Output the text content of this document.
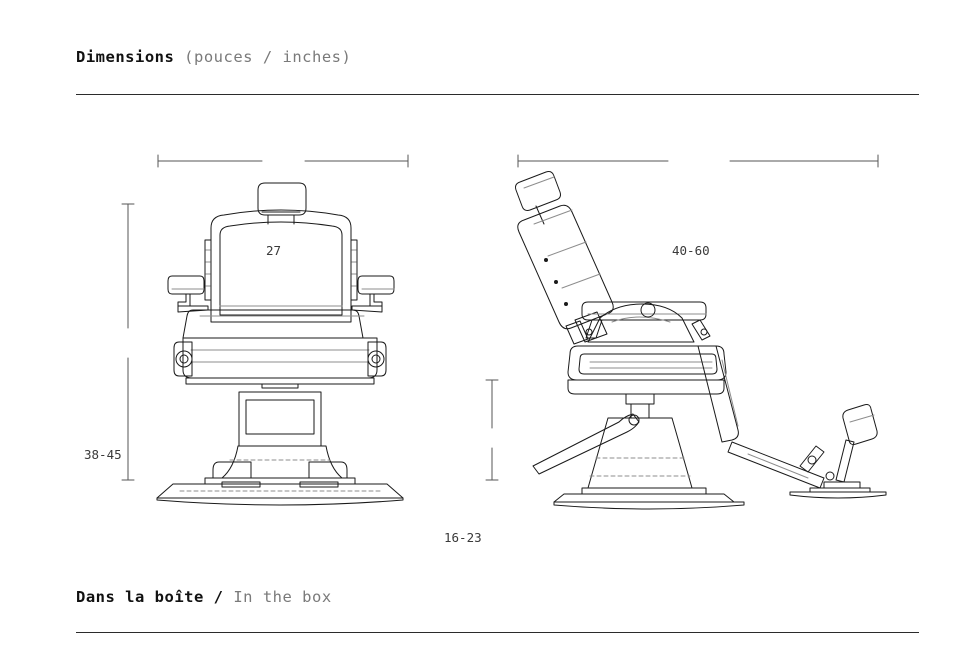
Dimensions (pouces / inches)
27
38-45
40-60
16-23
Dans la boîte / In the box
